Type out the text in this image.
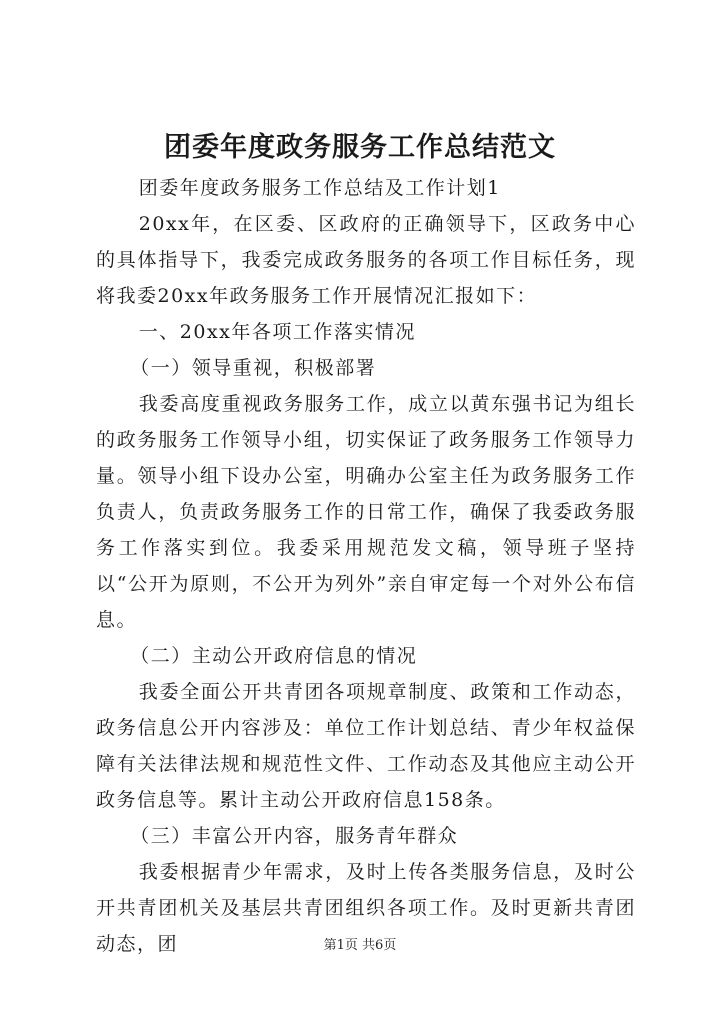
团委年度政务服务工作总结范文

团委年度政务服务工作总结及工作计划1

20xx年，在区委、区政府的正确领导下，区政务中心的具体指导下，我委完成政务服务的各项工作目标任务，现将我委20xx年政务服务工作开展情况汇报如下：

一、20xx年各项工作落实情况

（一）领导重视，积极部署

我委高度重视政务服务工作，成立以黄东强书记为组长的政务服务工作领导小组，切实保证了政务服务工作领导力量。领导小组下设办公室，明确办公室主任为政务服务工作负责人，负责政务服务工作的日常工作，确保了我委政务服务工作落实到位。我委采用规范发文稿，领导班子坚持以“公开为原则，不公开为列外”亲自审定每一个对外公布信息。

（二）主动公开政府信息的情况

我委全面公开共青团各项规章制度、政策和工作动态，政务信息公开内容涉及：单位工作计划总结、青少年权益保障有关法律法规和规范性文件、工作动态及其他应主动公开政务信息等。累计主动公开政府信息158条。

（三）丰富公开内容，服务青年群众

我委根据青少年需求，及时上传各类服务信息，及时公开共青团机关及基层共青团组织各项工作。及时更新共青团动态，团	第1页 共6页
